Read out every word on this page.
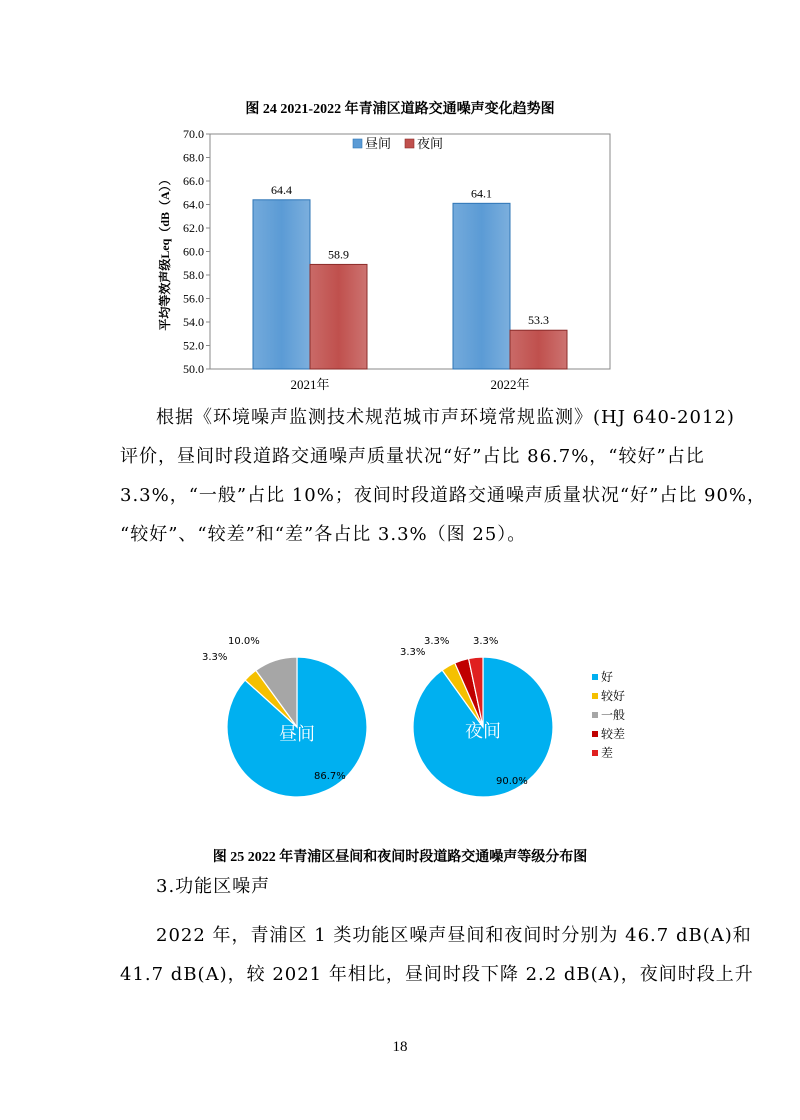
图 24 2021-2022 年青浦区道路交通噪声变化趋势图
50.0
52.0
54.0
56.0
58.0
60.0
62.0
64.0
66.0
68.0
70.0
64.4
58.9
64.1
53.3
2021年	2022年
昼间 夜间
平均等效声级Leq（dB（A））
根据《环境噪声监测技术规范城市声环境常规监测》(HJ 640-2012)
评价，昼间时段道路交通噪声质量状况“好”占比 86.7%，“较好”占比
3.3%，“一般”占比 10%；夜间时段道路交通噪声质量状况“好”占比 90%，
“较好”、“较差”和“差”各占比 3.3%（图 25）。
昼间	夜间
10.0%
3.3%
86.7%
3.3%
3.3% 3.3%
90.0%
好
较好
一般
较差
差
图 25 2022 年青浦区昼间和夜间时段道路交通噪声等级分布图

3.功能区噪声

2022 年，青浦区 1 类功能区噪声昼间和夜间时分别为 46.7 dB(A)和
41.7 dB(A)，较 2021 年相比，昼间时段下降 2.2 dB(A)，夜间时段上升
18
